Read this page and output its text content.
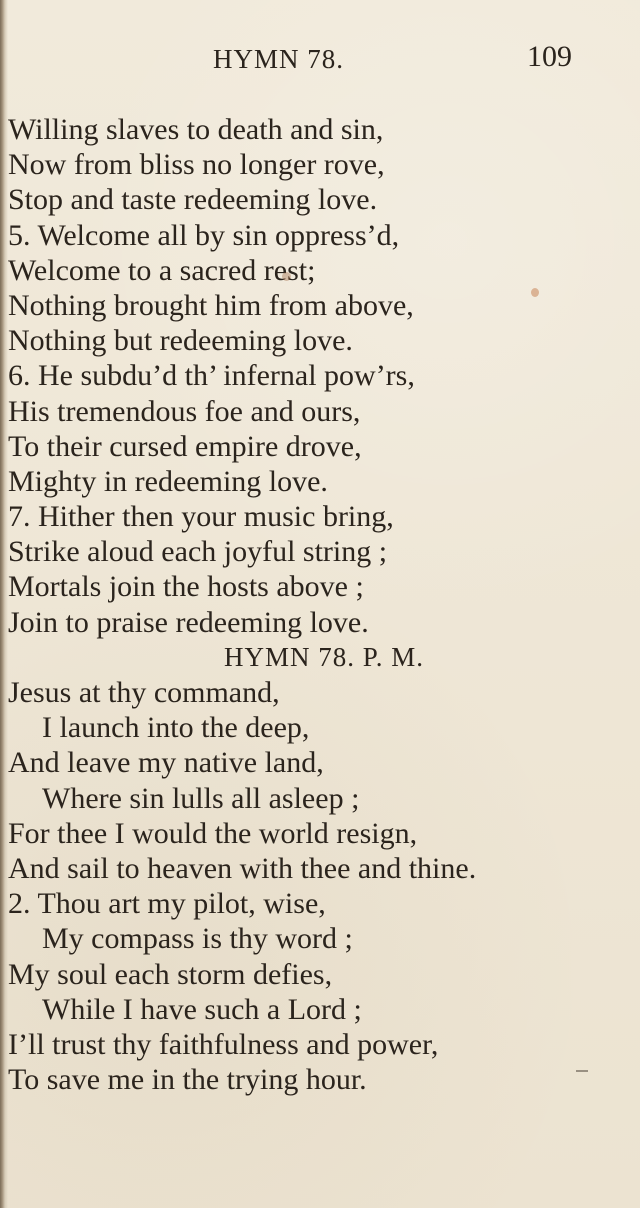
HYMN 78.	109
Willing slaves to death and sin,
Now from bliss no longer rove,
Stop and taste redeeming love.
5. Welcome all by sin oppress’d,
Welcome to a sacred rest;
Nothing brought him from above,
Nothing but redeeming love.
6. He subdu’d th’ infernal pow’rs,
His tremendous foe and ours,
To their cursed empire drove,
Mighty in redeeming love.
7. Hither then your music bring,
Strike aloud each joyful string ;
Mortals join the hosts above ;
Join to praise redeeming love.
HYMN 78. P. M.
Jesus at thy command,
I launch into the deep,
And leave my native land,
Where sin lulls all asleep ;
For thee I would the world resign,
And sail to heaven with thee and thine.
2. Thou art my pilot, wise,
My compass is thy word ;
My soul each storm defies,
While I have such a Lord ;
I’ll trust thy faithfulness and power,
To save me in the trying hour.
